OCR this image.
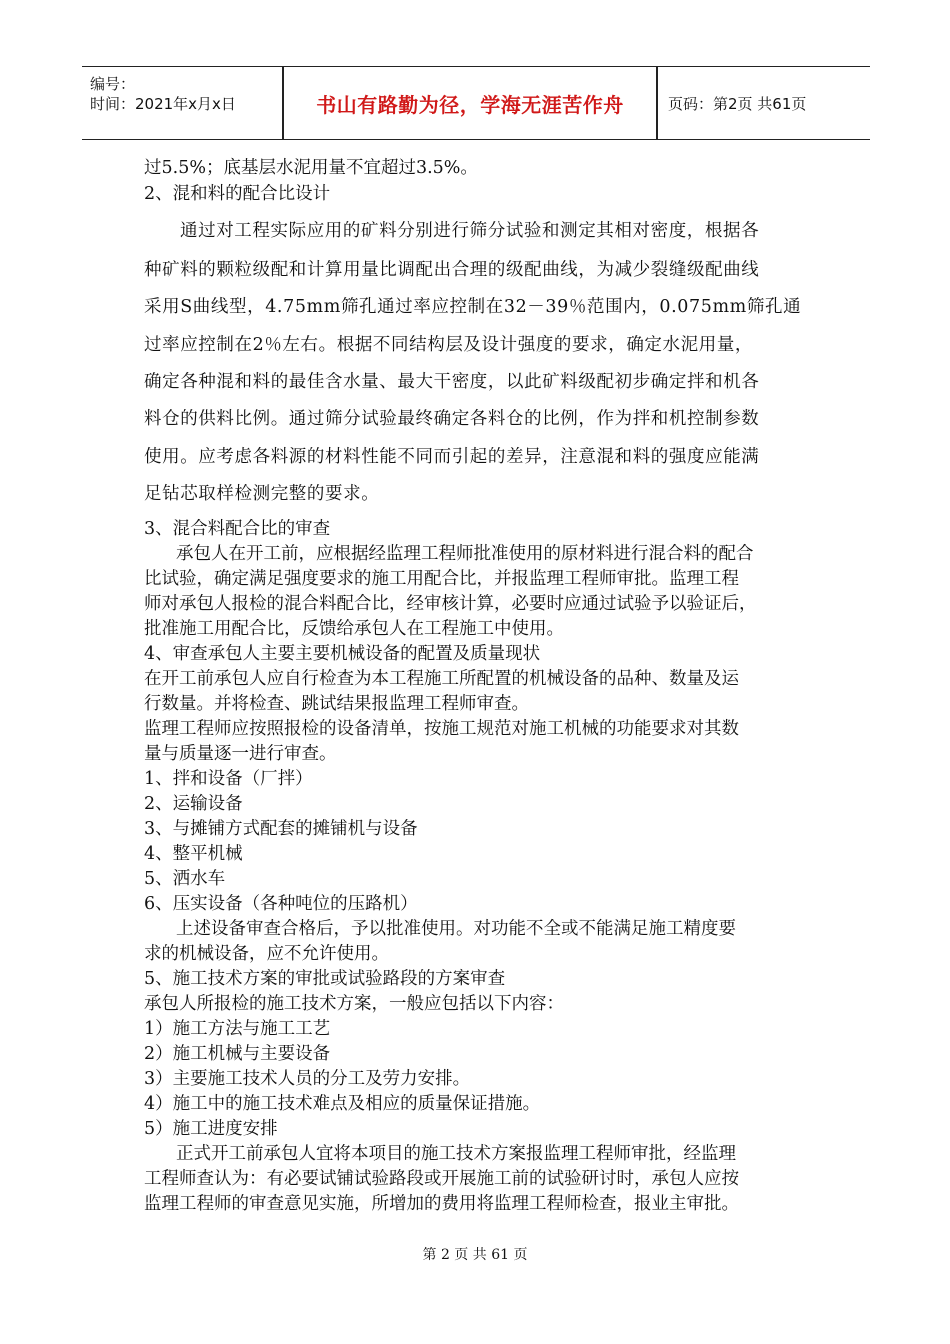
编号：
时间：2021年x月x日	书山有路勤为径，学海无涯苦作舟	页码：第2页 共61页
过5.5%；底基层水泥用量不宜超过3.5%。
2、混和料的配合比设计
通过对工程实际应用的矿料分别进行筛分试验和测定其相对密度，根据各
种矿料的颗粒级配和计算用量比调配出合理的级配曲线，为减少裂缝级配曲线
采用S曲线型，4.75mm筛孔通过率应控制在32－39％范围内，0.075mm筛孔通
过率应控制在2％左右。根据不同结构层及设计强度的要求，确定水泥用量，
确定各种混和料的最佳含水量、最大干密度，以此矿料级配初步确定拌和机各
料仓的供料比例。通过筛分试验最终确定各料仓的比例，作为拌和机控制参数
使用。应考虑各料源的材料性能不同而引起的差异，注意混和料的强度应能满
足钻芯取样检测完整的要求。
3、混合料配合比的审查
承包人在开工前，应根据经监理工程师批准使用的原材料进行混合料的配合
比试验，确定满足强度要求的施工用配合比，并报监理工程师审批。监理工程
师对承包人报检的混合料配合比，经审核计算，必要时应通过试验予以验证后，
批准施工用配合比，反馈给承包人在工程施工中使用。
4、审查承包人主要主要机械设备的配置及质量现状
在开工前承包人应自行检查为本工程施工所配置的机械设备的品种、数量及运
行数量。并将检查、跳试结果报监理工程师审查。
监理工程师应按照报检的设备清单，按施工规范对施工机械的功能要求对其数
量与质量逐一进行审查。
1、拌和设备（厂拌）
2、运输设备
3、与摊铺方式配套的摊铺机与设备
4、整平机械
5、洒水车
6、压实设备（各种吨位的压路机）
上述设备审查合格后，予以批准使用。对功能不全或不能满足施工精度要
求的机械设备，应不允许使用。
5、施工技术方案的审批或试验路段的方案审查
承包人所报检的施工技术方案，一般应包括以下内容：
1）施工方法与施工工艺
2）施工机械与主要设备
3）主要施工技术人员的分工及劳力安排。
4）施工中的施工技术难点及相应的质量保证措施。
5）施工进度安排
正式开工前承包人宜将本项目的施工技术方案报监理工程师审批，经监理
工程师查认为：有必要试铺试验路段或开展施工前的试验研讨时，承包人应按
监理工程师的审查意见实施，所增加的费用将监理工程师检查，报业主审批。
第 2 页 共 61 页
